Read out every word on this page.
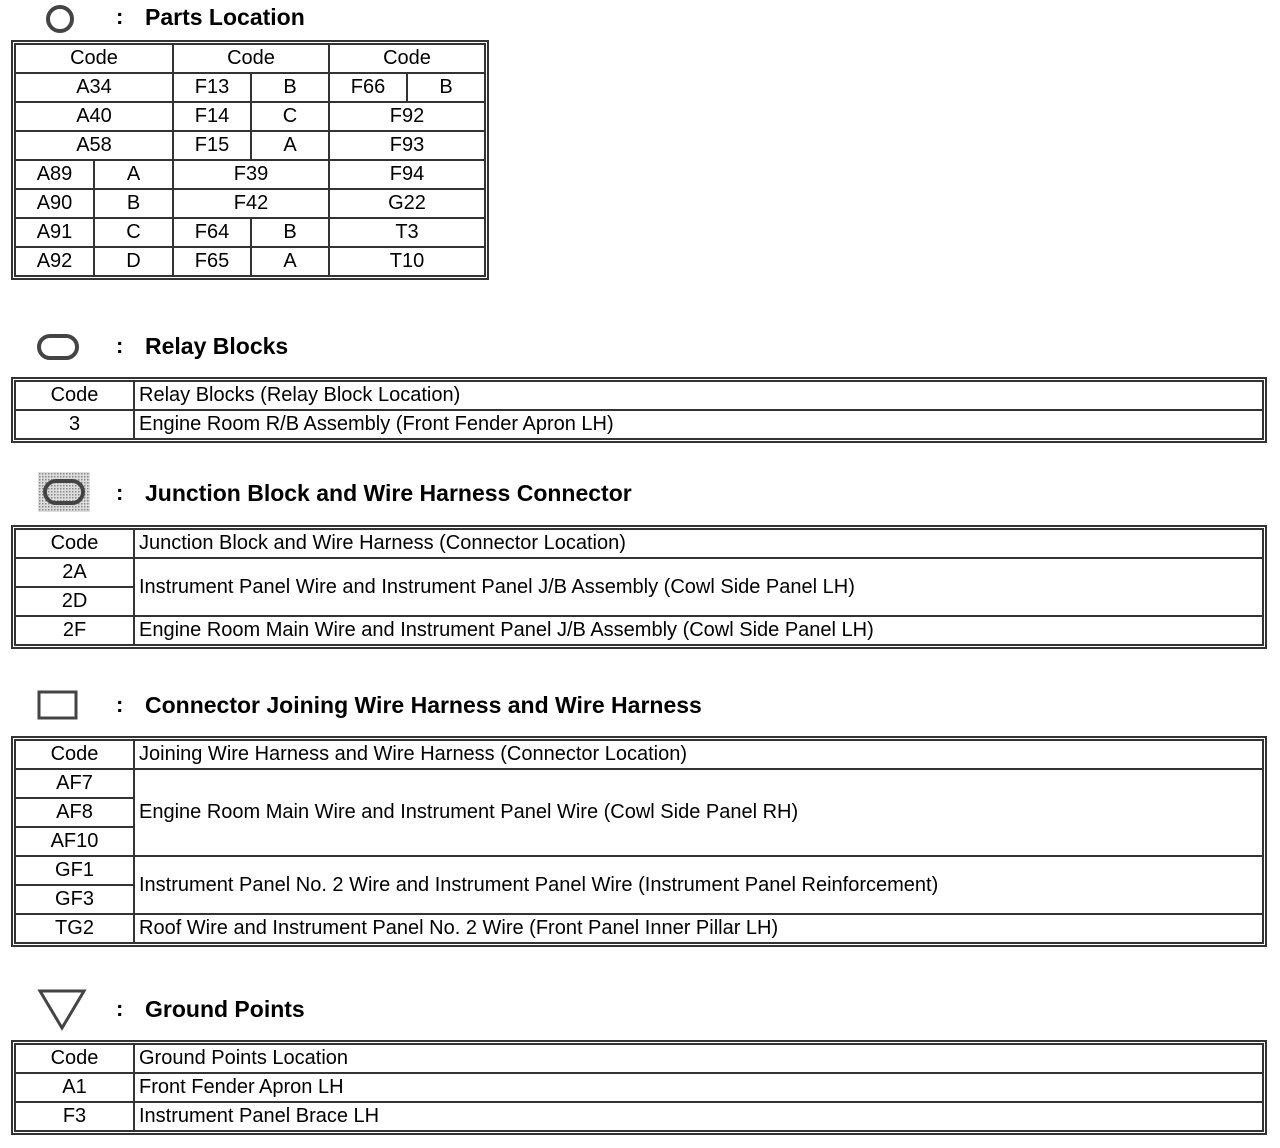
: Parts Location
Code		Code		Code	
A34		F13	B	F66	B
A40		F14	C	F92	
A58		F15	A	F93	
A89	A	F39		F94	
A90	B	F42		G22	
A91	C	F64	B	T3	
A92	D	F65	A	T10	
: Relay Blocks
Code	Relay Blocks (Relay Block Location)
3	Engine Room R/B Assembly (Front Fender Apron LH)
: Junction Block and Wire Harness Connector
Code	Junction Block and Wire Harness (Connector Location)
2A	Instrument Panel Wire and Instrument Panel J/B Assembly (Cowl Side Panel LH)
2D	
2F	Engine Room Main Wire and Instrument Panel J/B Assembly (Cowl Side Panel LH)
: Connector Joining Wire Harness and Wire Harness
Code	Joining Wire Harness and Wire Harness (Connector Location)
AF7	Engine Room Main Wire and Instrument Panel Wire (Cowl Side Panel RH)
AF8	
AF10	
GF1	Instrument Panel No. 2 Wire and Instrument Panel Wire (Instrument Panel Reinforcement)
GF3	
TG2	Roof Wire and Instrument Panel No. 2 Wire (Front Panel Inner Pillar LH)
: Ground Points
Code	Ground Points Location
A1	Front Fender Apron LH
F3	Instrument Panel Brace LH
